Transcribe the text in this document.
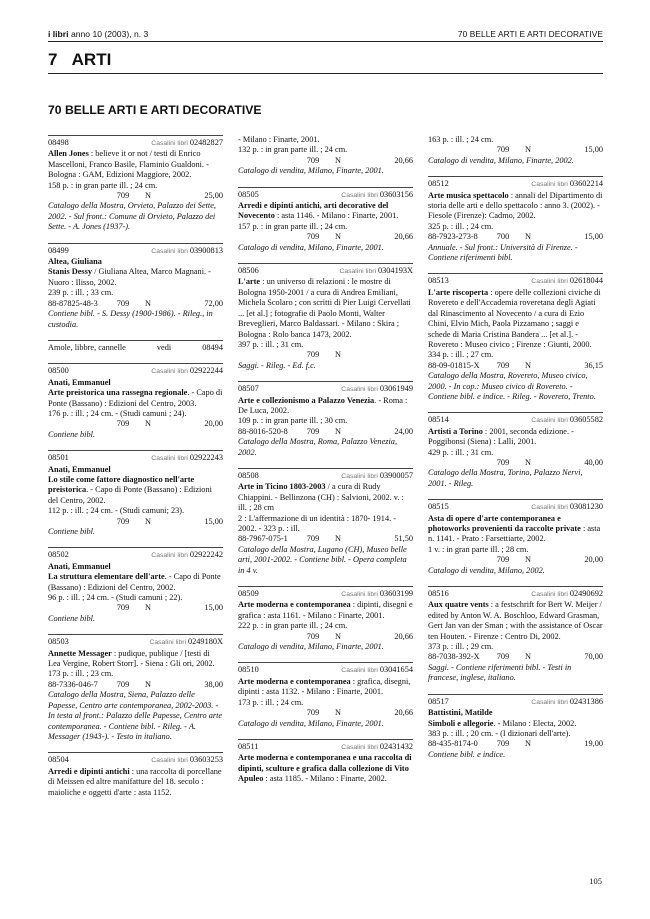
i libri anno 10 (2003), n. 3	70 BELLE ARTI E ARTI DECORATIVE
7 ARTI
70 BELLE ARTI E ARTI DECORATIVE
08498	Casalini libri 02482827
Allen Jones : believe it or not / testi di Enrico Mascelloni, Franco Basile, Flaminio Gualdoni. - Bologna : GAM, Edizioni Maggiore, 2002.
158 p. : in gran parte ill. ; 24 cm.
709	N	25,00
Catalogo della Mostra, Orvieto, Palazzo dei Sette, 2002. - Sul front.: Comune di Orvieto, Palazzo dei Sette. - A. Jones (1937-).
08499	Casalini libri 03900813
Altea, Giuliana
Stanis Dessy / Giuliana Altea, Marco Magnani. - Nuoro : Ilisso, 2002.
239 p. : ill. ; 33 cm.
88-87825-48-3	709	N	72,00
Contiene bibl. - S. Dessy (1900-1986). - Rileg., in custodia.
Amole, libbre, cannelle	vedi	08494
08500	Casalini libri 02922244
Anati, Emmanuel
Arte preistorica una rassegna regionale. - Capo di Ponte (Bassano) : Edizioni del Centro, 2003.
176 p. : ill. ; 24 cm. - (Studi camuni ; 24).
709	N	20,00
Contiene bibl.
08501	Casalini libri 02922243
Anati, Emmanuel
Lo stile come fattore diagnostico nell'arte preistorica. - Capo di Ponte (Bassano) : Edizioni del Centro, 2002.
112 p. : ill. ; 24 cm. - (Studi camuni; 23).
709	N	15,00
Contiene bibl.
08502	Casalini libri 02922242
Anati, Emmanuel
La struttura elementare dell'arte. - Capo di Ponte (Bassano) : Edizioni del Centro, 2002.
96 p. : ill. ; 24 cm. - (Studi camuni ; 22).
709	N	15,00
Contiene bibl.
08503	Casalini libri 0249180X
Annette Messager : pudique, publique / [testi di Lea Vergine, Robert Storr]. - Siena : Gli ori, 2002.
173 p. : ill. ; 23 cm.
88-7336-046-7	709	N	38,00
Catalogo della Mostra, Siena, Palazzo delle Papesse, Centro arte contemporanea, 2002-2003. - In testa al front.: Palazzo delle Papesse, Centro arte contemporanea. - Contiene bibl. - Rileg. - A. Messager (1943-). - Testo in italiano.
08504	Casalini libri 03603253
Arredi e dipinti antichi : una raccolta di porcellane di Meissen ed altre manifatture del 18. secolo : maioliche e oggetti d'arte : asta 1152.
- Milano : Finarte, 2001.
132 p. : in gran parte ill. ; 24 cm.
709	N	20,66
Catalogo di vendita, Milano, Finarte, 2001.
08505	Casalini libri 03603156
Arredi e dipinti antichi, arti decorative del Novecento : asta 1146. - Milano : Finarte, 2001.
157 p. : in gran parte ill. ; 24 cm.
709	N	20,66
Catalogo di vendita, Milano, Finarte, 2001.
08506	Casalini libri 0304193X
L'arte : un universo di relazioni : le mostre di Bologna 1950-2001 / a cura di Andrea Emiliani, Michela Scolaro ; con scritti di Pier Luigi Cervellati ... [et al.] ; fotografie di Paolo Monti, Walter Breveglieri, Marco Baldassari. - Milano : Skira ; Bologna : Rolo banca 1473, 2002.
397 p. : ill. ; 31 cm.
709	N
Saggi. - Rileg. - Ed. f.c.
08507	Casalini libri 03061949
Arte e collezionismo a Palazzo Venezia. - Roma : De Luca, 2002.
109 p. : in gran parte ill. ; 30 cm.
88-8016-520-8	709	N	24,00
Catalogo della Mostra, Roma, Palazzo Venezia, 2002.
08508	Casalini libri 03900057
Arte in Ticino 1803-2003 / a cura di Rudy Chiappini. - Bellinzona (CH) : Salvioni, 2002. v. : ill. ; 28 cm
2 : L'affermazione di un identità : 1870- 1914. - 2002. - 323 p. : ill.
88-7967-075-1	709	N	51,50
Catalogo della Mostra, Lugano (CH), Museo belle arti, 2001-2002. - Contiene bibl. - Opera completa in 4 v.
08509	Casalini libri 03603199
Arte moderna e contemporanea : dipinti, disegni e grafica : asta 1161. - Milano : Finarte, 2001.
222 p. : in gran parte ill. ; 24 cm.
709	N	20,66
Catalogo di vendita, Milano, Finarte, 2001.
08510	Casalini libri 03041654
Arte moderna e contemporanea : grafica, disegni, dipinti : asta 1132. - Milano : Finarte, 2001.
173 p. : ill. ; 24 cm.
709	N	20,66
Catalogo di vendita, Milano, Finarte, 2001.
08511	Casalini libri 02431432
Arte moderna e contemporanea e una raccolta di dipinti, sculture e grafica dalla collezione di Vito Apuleo : asta 1185. - Milano : Finarte, 2002.
163 p. : ill. ; 24 cm.
709	N	15,00
Catalogo di vendita, Milano, Finarte, 2002.
08512	Casalini libri 03602214
Arte musica spettacolo : annali del Dipartimento di storia delle arti e dello spettacolo : anno 3. (2002). - Fiesole (Firenze): Cadmo, 2002.
325 p. : ill. ; 24 cm.
88-7923-273-8	700	N	15,00
Annuale. - Sul front.: Università di Firenze. - Contiene riferimenti bibl.
08513	Casalini libri 02618044
L'arte riscoperta : opere delle collezioni civiche di Rovereto e dell'Accademia roveretana degli Agiati dal Rinascimento al Novecento / a cura di Ezio Chini, Elvio Mich, Paola Pizzamano ; saggi e schede di Maria Cristina Bandera ... [et al.]. - Rovereto : Museo civico ; Firenze : Giunti, 2000.
334 p. : ill. ; 27 cm.
88-09-01815-X	709	N	36,15
Catalogo della Mostra, Rovereto, Museo civico, 2000. - In cop.: Museo civico di Rovereto. - Contiene bibl. e indice. - Rileg. - Rovereto, Trento.
08514	Casalini libri 03605582
Artisti a Torino : 2001, seconda edizione. - Poggibonsi (Siena) : Lalli, 2001.
429 p. : ill. ; 31 cm.
709	N	40,00
Catalogo della Mostra, Torino, Palazzo Nervi, 2001. - Rileg.
08515	Casalini libri 03081230
Asta di opere d'arte contemporanea e photoworks provenienti da raccolte private : asta n. 1141. - Prato : Farsettiarte, 2002.
1 v. : in gran parte ill. ; 28 cm.
709	N	20,00
Catalogo di vendita, Milano, 2002.
08516	Casalini libri 02490692
Aux quatre vents : a festschrift for Bert W. Meijer / edited by Anton W. A. Boschloo, Edward Grasman, Gert Jan van der Sman ; with the assistance of Oscar ten Houten. - Firenze : Centro Di, 2002.
373 p. : ill. ; 29 cm.
88-7038-392-X	709	N	70,00
Saggi. - Contiene riferimenti bibl. - Testi in francese, inglese, italiano.
08517	Casalini libri 02431386
Battistini, Matilde
Simboli e allegorie. - Milano : Electa, 2002.
383 p. : ill. ; 20 cm. - (I dizionari dell'arte).
88-435-8174-0	709	N	19,00
Contiene bibl. e indice.
105
